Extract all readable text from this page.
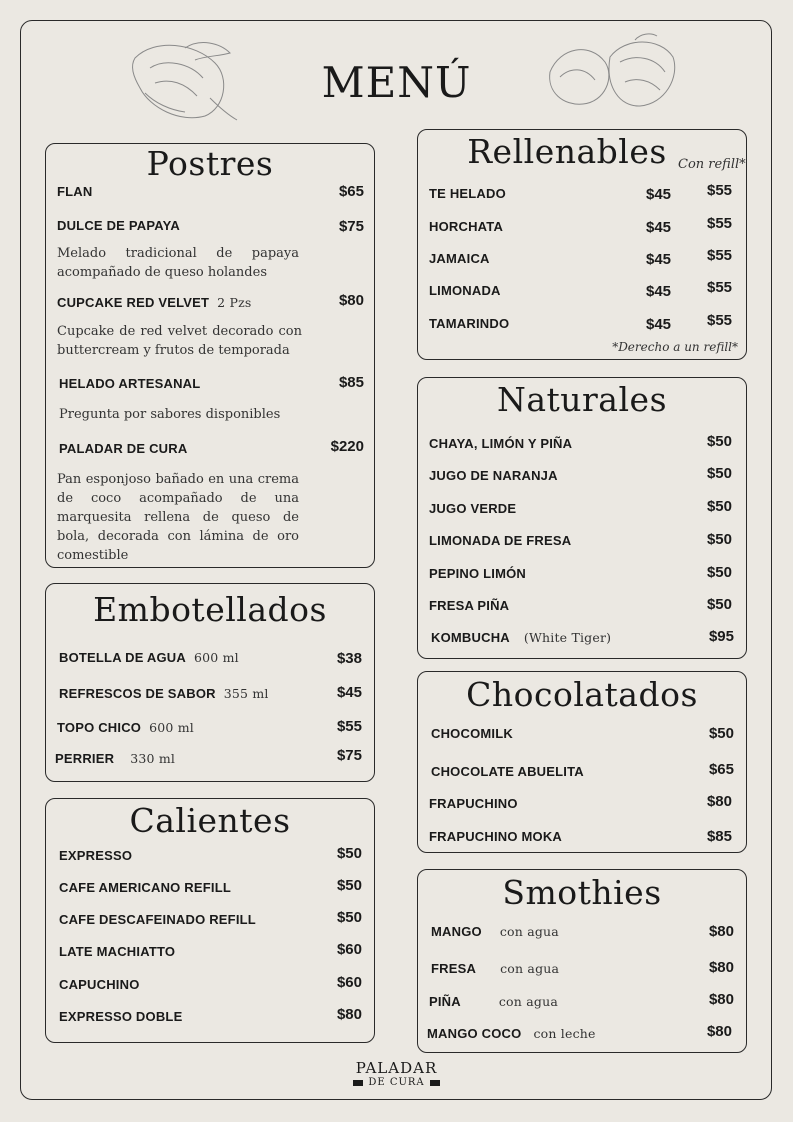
MENÚ
Postres
FLAN	$65
DULCE DE PAPAYA	$75
Melado tradicional de papaya acompañado de queso holandes
CUPCAKE RED VELVET 2 Pzs	$80
Cupcake de red velvet decorado con buttercream y frutos de temporada
HELADO ARTESANAL	$85
Pregunta por sabores disponibles
PALADAR DE CURA	$220
Pan esponjoso bañado en una crema de coco acompañado de una marquesita rellena de queso de bola, decorada con lámina de oro comestible
Embotellados
BOTELLA DE AGUA 600 ml	$38
REFRESCOS DE SABOR 355 ml	$45
TOPO CHICO 600 ml	$55
PERRIER 330 ml	$75
Calientes
EXPRESSO	$50
CAFE AMERICANO REFILL	$50
CAFE DESCAFEINADO REFILL	$50
LATE MACHIATTO	$60
CAPUCHINO	$60
EXPRESSO DOBLE	$80
Rellenables Con refill*
TE HELADO	$45 $55
HORCHATA	$45 $55
JAMAICA	$45 $55
LIMONADA	$45 $55
TAMARINDO	$45 $55
*Derecho a un refill*
Naturales
CHAYA, LIMÓN Y PIÑA	$50
JUGO DE NARANJA	$50
JUGO VERDE	$50
LIMONADA DE FRESA	$50
PEPINO LIMÓN	$50
FRESA PIÑA	$50
KOMBUCHA (White Tiger)	$95
Chocolatados
CHOCOMILK	$50
CHOCOLATE ABUELITA	$65
FRAPUCHINO	$80
FRAPUCHINO MOKA	$85
Smothies
MANGO con agua	$80
FRESA con agua	$80
PIÑA	con agua	$80
MANGO COCO con leche	$80
PALADAR
DE CURA
